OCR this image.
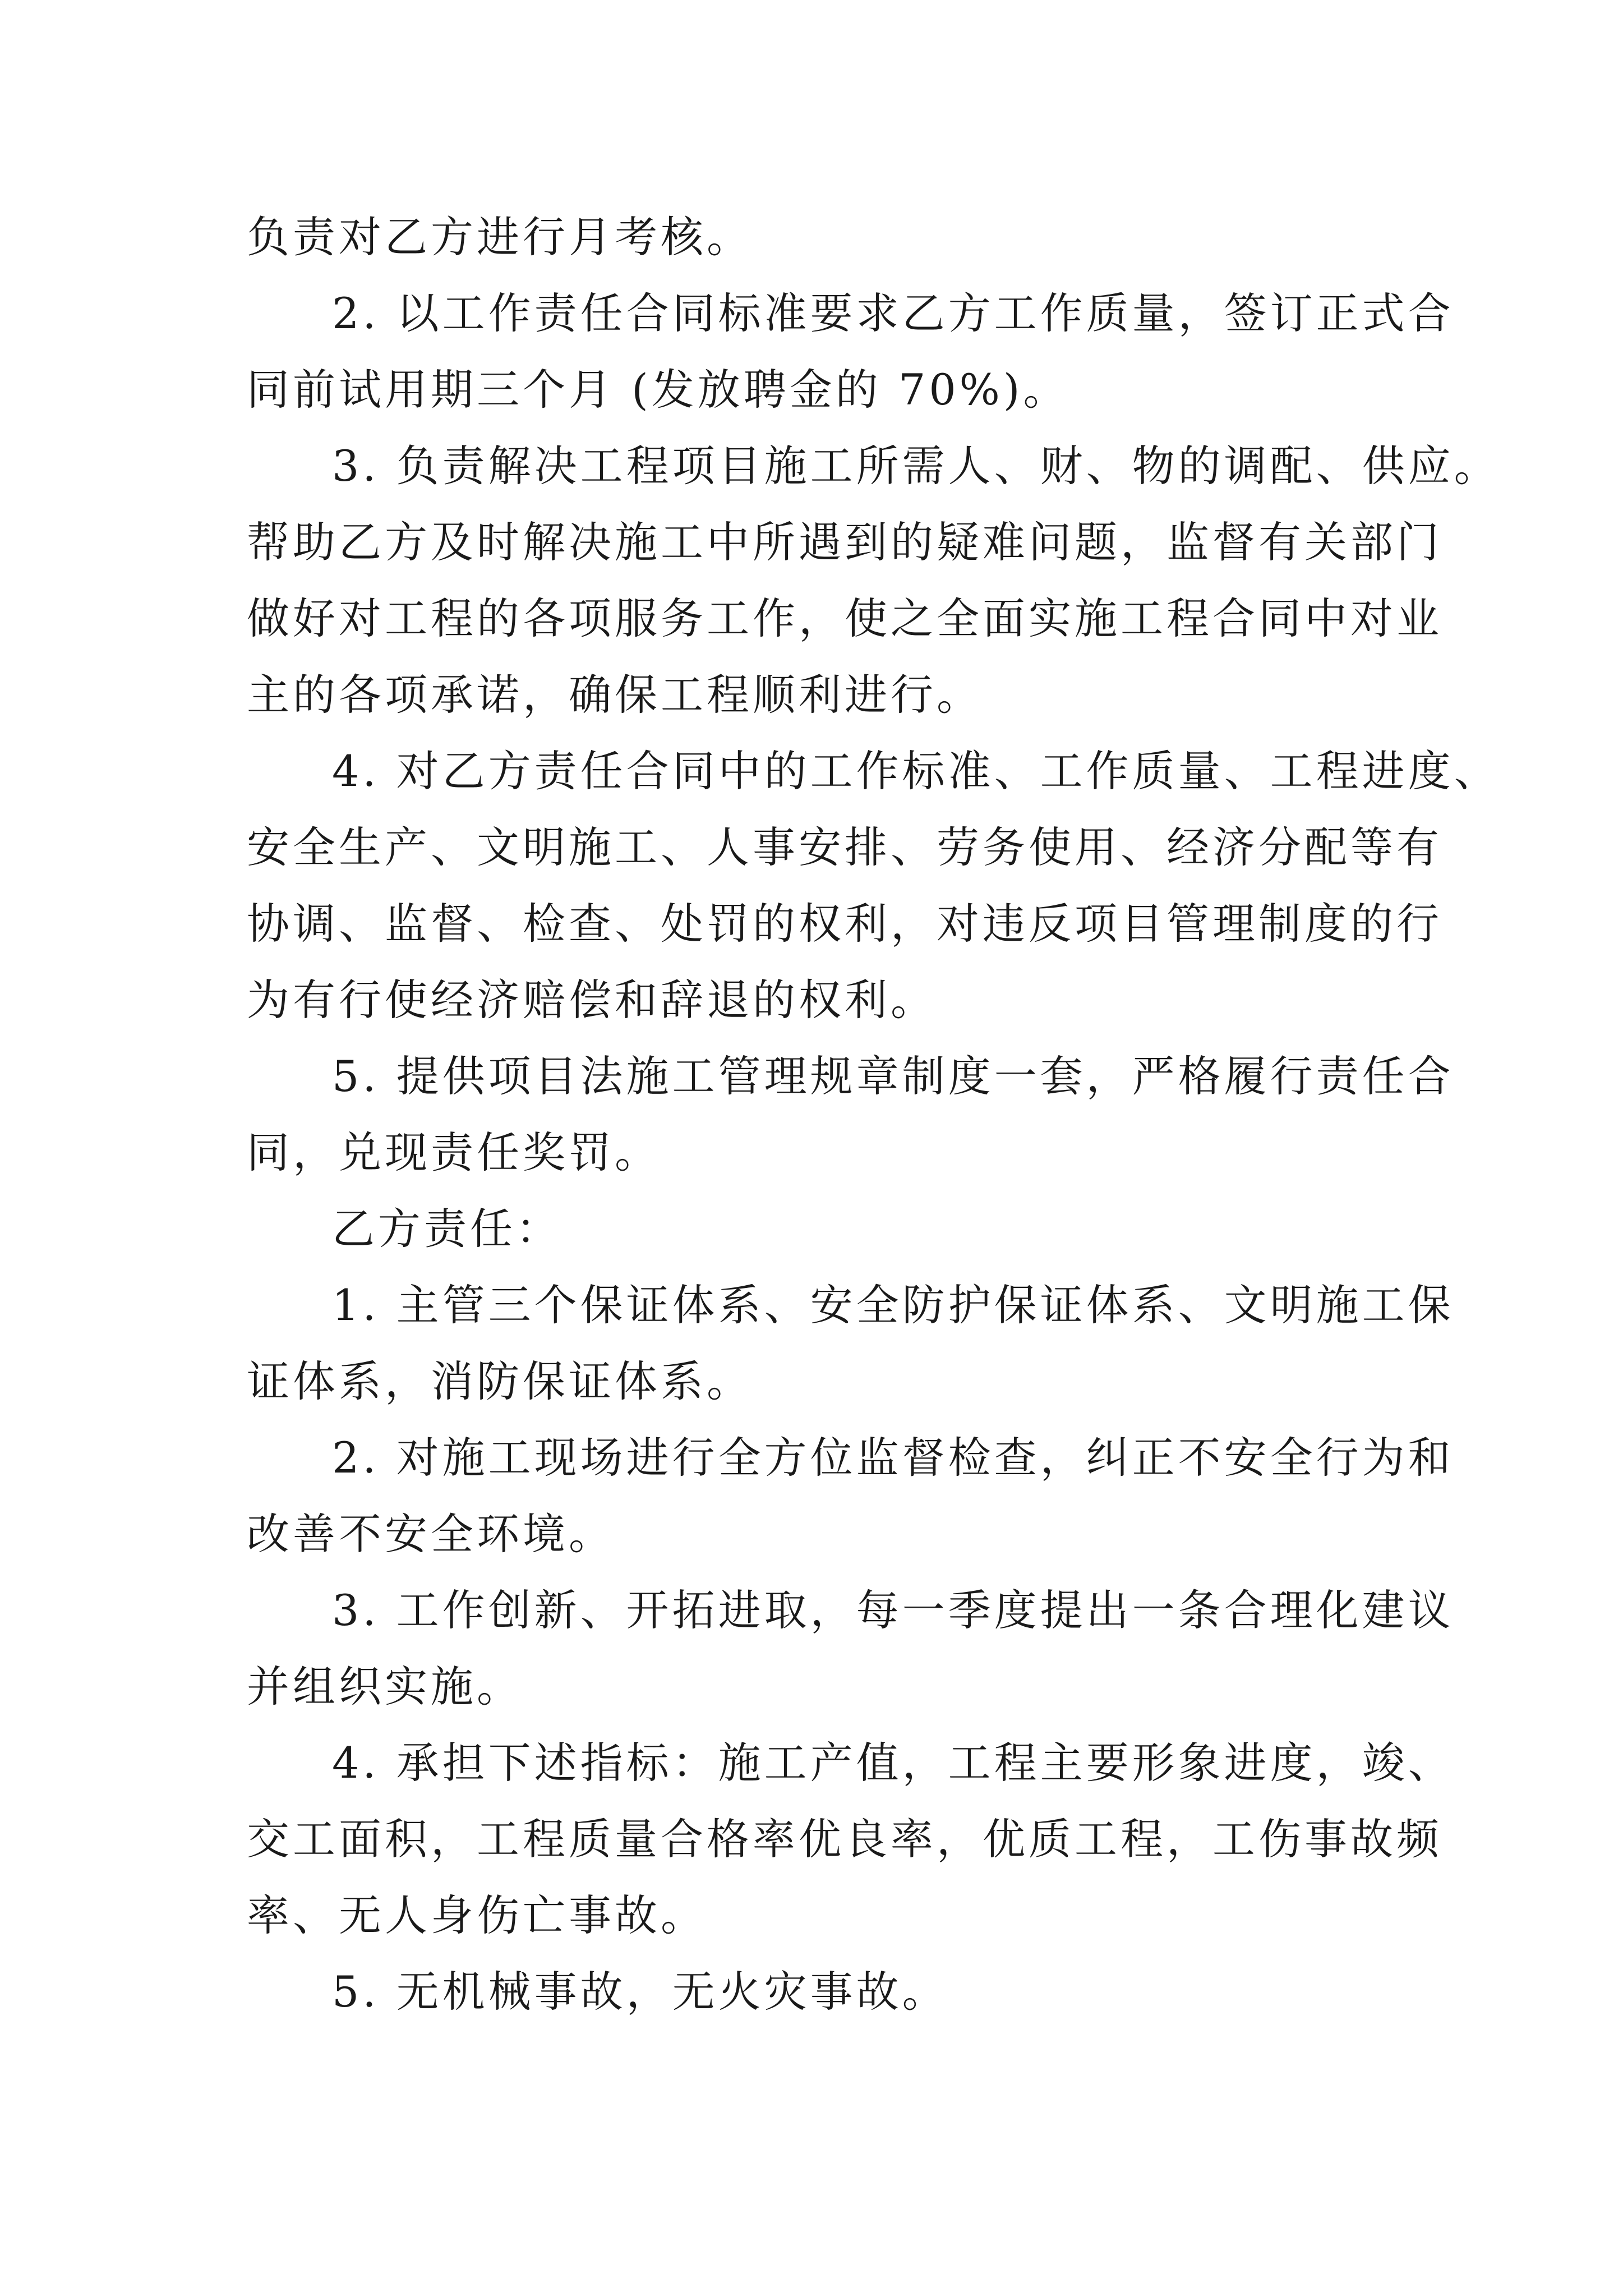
负责对乙方进行月考核。
2. 以工作责任合同标准要求乙方工作质量，签订正式合
同前试用期三个月 (发放聘金的 70%)。
3. 负责解决工程项目施工所需人、财、物的调配、供应。
帮助乙方及时解决施工中所遇到的疑难问题，监督有关部门
做好对工程的各项服务工作，使之全面实施工程合同中对业
主的各项承诺，确保工程顺利进行。
4. 对乙方责任合同中的工作标准、工作质量、工程进度、
安全生产、文明施工、人事安排、劳务使用、经济分配等有
协调、监督、检查、处罚的权利，对违反项目管理制度的行
为有行使经济赔偿和辞退的权利。
5. 提供项目法施工管理规章制度一套，严格履行责任合
同，兑现责任奖罚。
乙方责任：
1. 主管三个保证体系、安全防护保证体系、文明施工保
证体系，消防保证体系。
2. 对施工现场进行全方位监督检查，纠正不安全行为和
改善不安全环境。
3. 工作创新、开拓进取，每一季度提出一条合理化建议
并组织实施。
4. 承担下述指标：施工产值，工程主要形象进度，竣、
交工面积，工程质量合格率优良率，优质工程，工伤事故频
率、无人身伤亡事故。
5. 无机械事故，无火灾事故。
